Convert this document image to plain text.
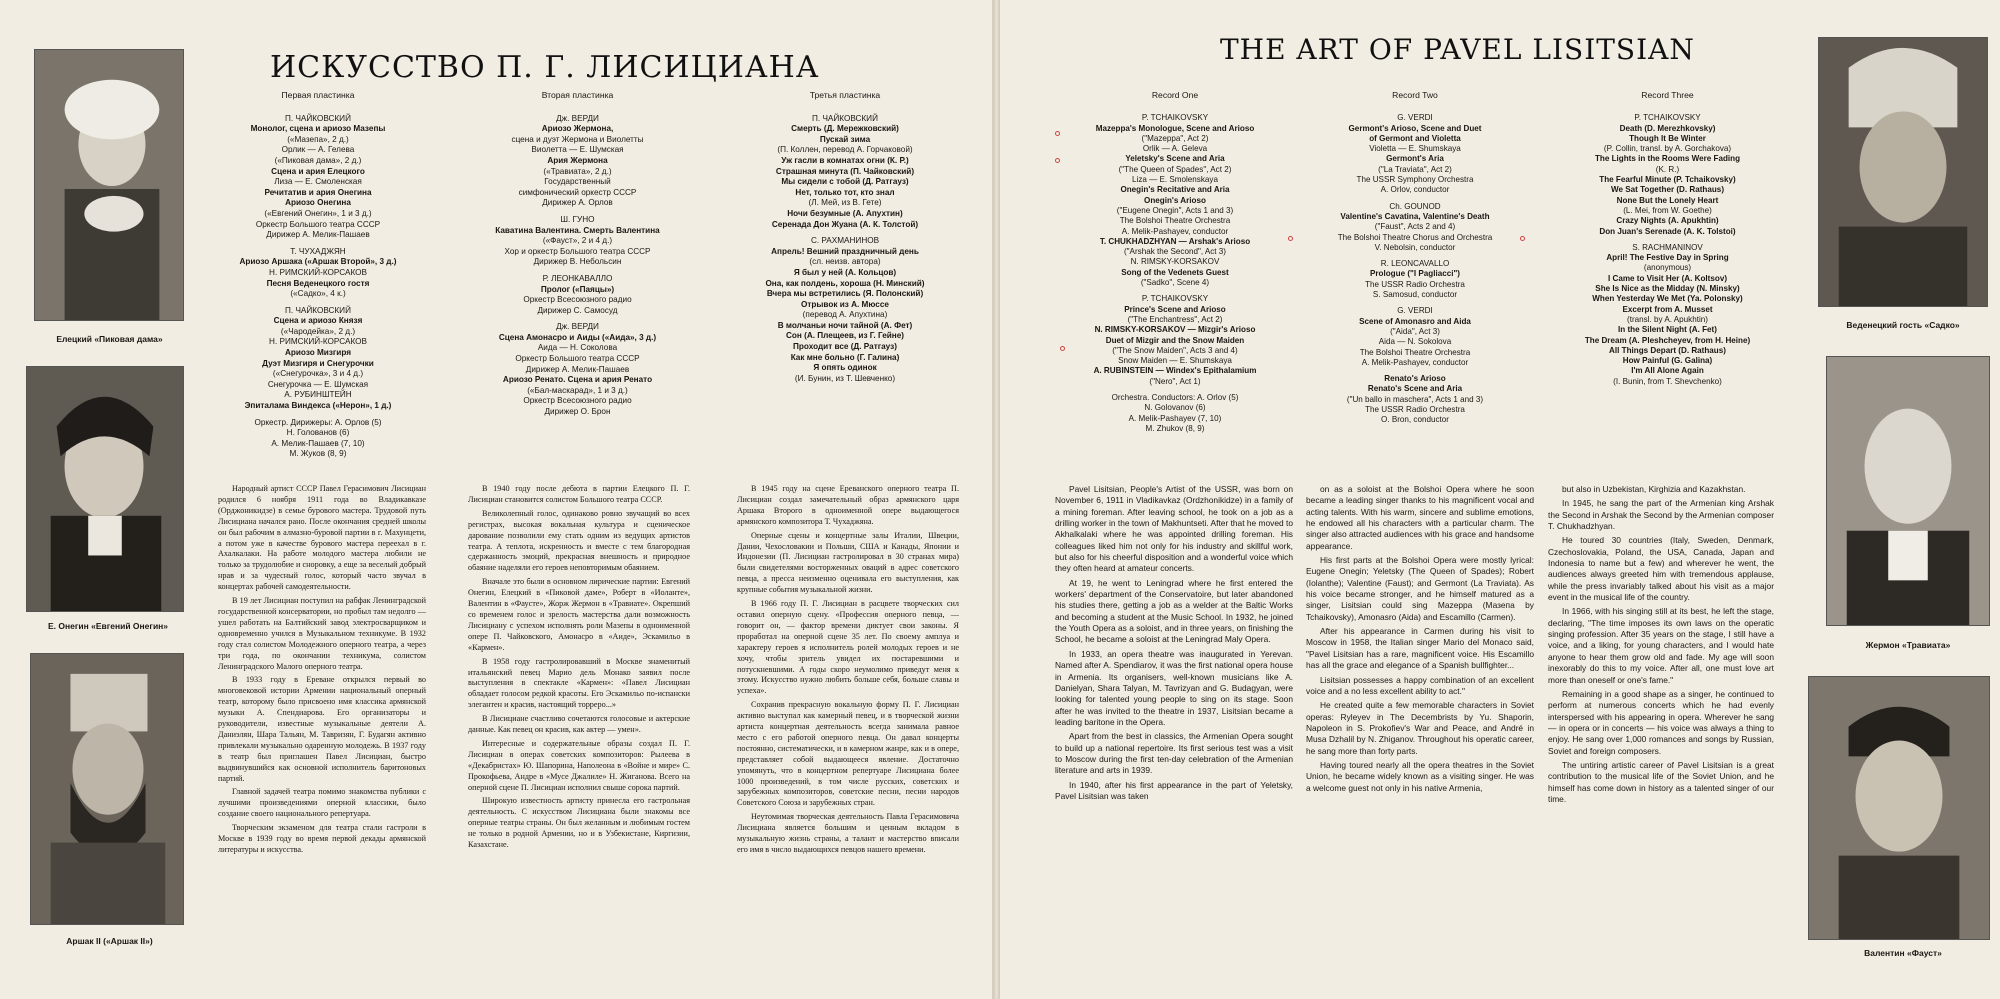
Елецкий «Пиковая дама»
Е. Онегин «Евгений Онегин»
Аршак II («Аршак II»)
ИСКУССТВО П. Г. ЛИСИЦИАНА
Первая пластинка
П. ЧАЙКОВСКИЙ
Монолог, сцена и ариозо Мазепы
(«Мазепа», 2 д.)
Орлик — А. Гелева
(«Пиковая дама», 2 д.)
Сцена и ария Елецкого
Лиза — Е. Смоленская
Речитатив и ария Онегина
Ариозо Онегина
(«Евгений Онегин», 1 и 3 д.)
Оркестр Большого театра СССР
Дирижер А. Мелик-Пашаев
Т. ЧУХАДЖЯН
Ариозо Аршака («Аршак Второй», 3 д.)
Н. РИМСКИЙ-КОРСАКОВ
Песня Веденецкого гостя
(«Садко», 4 к.)
П. ЧАЙКОВСКИЙ
Сцена и ариозо Князя
(«Чародейка», 2 д.)
Н. РИМСКИЙ-КОРСАКОВ
Ариозо Мизгиря
Дуэт Мизгиря и Снегурочки
(«Снегурочка», 3 и 4 д.)
Снегурочка — Е. Шумская
А. РУБИНШТЕЙН
Эпиталама Виндекса («Нерон», 1 д.)
Оркестр. Дирижеры: А. Орлов (5)
Н. Голованов (6)
А. Мелик-Пашаев (7, 10)
М. Жуков (8, 9)
Вторая пластинка
Дж. ВЕРДИ
Ариозо Жермона,
сцена и дуэт Жермона и Виолетты
Виолетта — Е. Шумская
Ария Жермона
(«Травиата», 2 д.)
Государственный
симфонический оркестр СССР
Дирижер А. Орлов
Ш. ГУНО
Каватина Валентина. Смерть Валентина
(«Фауст», 2 и 4 д.)
Хор и оркестр Большого театра СССР
Дирижер В. Небольсин
Р. ЛЕОНКАВАЛЛО
Пролог («Паяцы»)
Оркестр Всесоюзного радио
Дирижер С. Самосуд
Дж. ВЕРДИ
Сцена Амонасро и Аиды («Аида», 3 д.)
Аида — Н. Соколова
Оркестр Большого театра СССР
Дирижер А. Мелик-Пашаев
Ариозо Ренато. Сцена и ария Ренато
(«Бал-маскарад», 1 и 3 д.)
Оркестр Всесоюзного радио
Дирижер О. Брон
Третья пластинка
П. ЧАЙКОВСКИЙ
Смерть (Д. Мережковский)
Пускай зима
(П. Коллен, перевод А. Горчаковой)
Уж гасли в комнатах огни (К. Р.)
Страшная минута (П. Чайковский)
Мы сидели с тобой (Д. Ратгауз)
Нет, только тот, кто знал
(Л. Мей, из В. Гете)
Ночи безумные (А. Апухтин)
Серенада Дон Жуана (А. К. Толстой)
С. РАХМАНИНОВ
Апрель! Вешний праздничный день
(сл. неизв. автора)
Я был у ней (А. Кольцов)
Она, как полдень, хороша (Н. Минский)
Вчера мы встретились (Я. Полонский)
Отрывок из А. Мюссе
(перевод А. Апухтина)
В молчаньи ночи тайной (А. Фет)
Сон (А. Плещеев, из Г. Гейне)
Проходит все (Д. Ратгауз)
Как мне больно (Г. Галина)
Я опять одинок
(И. Бунин, из Т. Шевченко)

Народный артист СССР Павел Герасимович Лисициан родился 6 ноября 1911 года во Владикавказе (Орджоникидзе) в семье бурового мастера. Трудовой путь Лисициана начался рано. После окончания средней школы он был рабочим в алмазно-буровой партии в г. Махунцети, а потом уже в качестве бурового мастера переехал в г. Ахалкалаки. На работе молодого мастера любили не только за трудолюбие и сноровку, а еще за веселый добрый нрав и за чудесный голос, который часто звучал в концертах рабочей самодеятельности.

В 19 лет Лисициан поступил на рабфак Ленинградской государственной консерватории, но пробыл там недолго — ушел работать на Балтийский завод электросварщиком и одновременно учился в Музыкальном техникуме. В 1932 году стал солистом Молодежного оперного театра, а через три года, по окончании техникума, солистом Ленинградского Малого оперного театра.

В 1933 году в Ереване открылся первый во многовековой истории Армении национальный оперный театр, которому было присвоено имя классика армянской музыки А. Спендиарова. Его организаторы и руководители, известные музыкальные деятели А. Даниэлян, Шара Тальян, М. Тавризян, Г. Будагян активно привлекали музыкально одаренную молодежь. В 1937 году в театр был приглашен Павел Лисициан, быстро выдвинувшийся как основной исполнитель баритоновых партий.

Главной задачей театра помимо знакомства публики с лучшими произведениями оперной классики, было создание своего национального репертуара.

Творческим экзаменом для театра стали гастроли в Москве в 1939 году во время первой декады армянской литературы и искусства.

В 1940 году после дебюта в партии Елецкого П. Г. Лисициан становится солистом Большого театра СССР.

Великолепный голос, одинаково ровно звучащий во всех регистрах, высокая вокальная культура и сценическое дарование позволили ему стать одним из ведущих артистов театра. А теплота, искренность и вместе с тем благородная сдержанность эмоций, прекрасная внешность и природное обаяние наделяли его героев неповторимым обаянием.

Вначале это были в основном лирические партии: Евгений Онегин, Елецкий в «Пиковой даме», Роберт в «Иоланте», Валентин в «Фаусте», Жорж Жермон в «Травиате». Окрепший со временем голос и зрелость мастерства дали возможность Лисициану с успехом исполнять роли Мазепы в одноименной опере П. Чайковского, Амонасро в «Аиде», Эскамильо в «Кармен».

В 1958 году гастролировавший в Москве знаменитый итальянский певец Марио дель Монако заявил после выступления в спектакле «Кармен»: «Павел Лисициан обладает голосом редкой красоты. Его Эскамильо по-испански элегантен и красив, настоящий торреро...»

В Лисициане счастливо сочетаются голосовые и актерские данные. Как певец он красив, как актер — умен».

Интересные и содержательные образы создал П. Г. Лисициан в операх советских композиторов: Рылеева в «Декабристах» Ю. Шапорина, Наполеона в «Войне и мире» С. Прокофьева, Андре в «Мусе Джалиле» Н. Жиганова. Всего на оперной сцене П. Лисициан исполнил свыше сорока партий.

Широкую известность артисту принесла его гастрольная деятельность. С искусством Лисициана были знакомы все оперные театры страны. Он был желанным и любимым гостем не только в родной Армении, но и в Узбекистане, Киргизии, Казахстане.

В 1945 году на сцене Ереванского оперного театра П. Лисициан создал замечательный образ армянского царя Аршака Второго в одноименной опере выдающегося армянского композитора Т. Чухаджяна.

Оперные сцены и концертные залы Италии, Швеции, Дании, Чехословакии и Польши, США и Канады, Японии и Индонезии (П. Лисициан гастролировал в 30 странах мира) были свидетелями восторженных оваций в адрес советского певца, а пресса неизменно оценивала его выступления, как крупные события музыкальной жизни.

В 1966 году П. Г. Лисициан в расцвете творческих сил оставил оперную сцену. «Профессия оперного певца, — говорит он, — фактор времени диктует свои законы. Я проработал на оперной сцене 35 лет. По своему амплуа и характеру героев я исполнитель ролей молодых героев и не хочу, чтобы зритель увидел их постаревшими и потускневшими. А годы скоро неумолимо приведут меня к этому. Искусство нужно любить больше себя, больше славы и успеха».

Сохранив прекрасную вокальную форму П. Г. Лисициан активно выступал как камерный певец, и в творческой жизни артиста концертная деятельность всегда занимала равное место с его работой оперного певца. Он давал концерты постоянно, систематически, и в камерном жанре, как и в опере, представляет собой выдающееся явление. Достаточно упомянуть, что в концертном репертуаре Лисициана более 1000 произведений, в том числе русских, советских и зарубежных композиторов, советские песни, песни народов Советского Союза и зарубежных стран.

Неутомимая творческая деятельность Павла Герасимовича Лисициана является большим и ценным вкладом в музыкальную жизнь страны, а талант и мастерство вписали его имя в число выдающихся певцов нашего времени.

THE ART OF PAVEL LISITSIAN
Record One
P. TCHAIKOVSKY
Mazeppa's Monologue, Scene and Arioso
("Mazeppa", Act 2)
Orlik — A. Geleva
Yeletsky's Scene and Aria
("The Queen of Spades", Act 2)
Liza — E. Smolenskaya
Onegin's Recitative and Aria
Onegin's Arioso
("Eugene Onegin", Acts 1 and 3)
The Bolshoi Theatre Orchestra
A. Melik-Pashayev, conductor
T. CHUKHADZHYAN — Arshak's Arioso
("Arshak the Second", Act 3)
N. RIMSKY-KORSAKOV
Song of the Vedenets Guest
("Sadko", Scene 4)
P. TCHAIKOVSKY
Prince's Scene and Arioso
("The Enchantress", Act 2)
N. RIMSKY-KORSAKOV — Mizgir's Arioso
Duet of Mizgir and the Snow Maiden
("The Snow Maiden", Acts 3 and 4)
Snow Maiden — E. Shumskaya
A. RUBINSTEIN — Windex's Epithalamium
("Nero", Act 1)
Orchestra. Conductors: A. Orlov (5)
N. Golovanov (6)
A. Melik-Pashayev (7, 10)
M. Zhukov (8, 9)
Record Two
G. VERDI
Germont's Arioso, Scene and Duet
of Germont and Violetta
Violetta — E. Shumskaya
Germont's Aria
("La Traviata", Act 2)
The USSR Symphony Orchestra
A. Orlov, conductor
Ch. GOUNOD
Valentine's Cavatina, Valentine's Death
("Faust", Acts 2 and 4)
The Bolshoi Theatre Chorus and Orchestra
V. Nebolsin, conductor
R. LEONCAVALLO
Prologue ("I Pagliacci")
The USSR Radio Orchestra
S. Samosud, conductor
G. VERDI
Scene of Amonasro and Aida
("Aida", Act 3)
Aida — N. Sokolova
The Bolshoi Theatre Orchestra
A. Melik-Pashayev, conductor
Renato's Arioso
Renato's Scene and Aria
("Un ballo in maschera", Acts 1 and 3)
The USSR Radio Orchestra
O. Bron, conductor
Record Three
P. TCHAIKOVSKY
Death (D. Merezhkovsky)
Though It Be Winter
(P. Collin, transl. by A. Gorchakova)
The Lights in the Rooms Were Fading
(K. R.)
The Fearful Minute (P. Tchaikovsky)
We Sat Together (D. Rathaus)
None But the Lonely Heart
(L. Mei, from W. Goethe)
Crazy Nights (A. Apukhtin)
Don Juan's Serenade (A. K. Tolstoi)
S. RACHMANINOV
April! The Festive Day in Spring
(anonymous)
I Came to Visit Her (A. Koltsov)
She Is Nice as the Midday (N. Minsky)
When Yesterday We Met (Ya. Polonsky)
Excerpt from A. Musset
(transl. by A. Apukhtin)
In the Silent Night (A. Fet)
The Dream (A. Pleshcheyev, from H. Heine)
All Things Depart (D. Rathaus)
How Painful (G. Galina)
I'm All Alone Again
(I. Bunin, from T. Shevchenko)

Pavel Lisitsian, People's Artist of the USSR, was born on November 6, 1911 in Vladikavkaz (Ordzhonikidze) in a family of a mining foreman. After leaving school, he took on a job as a drilling worker in the town of Makhuntseti. After that he moved to Akhalkalaki where he was appointed drilling foreman. His colleagues liked him not only for his industry and skillful work, but also for his cheerful disposition and a wonderful voice which they often heard at amateur concerts.

At 19, he went to Leningrad where he first entered the workers' department of the Conservatoire, but later abandoned his studies there, getting a job as a welder at the Baltic Works and becoming a student at the Music School. In 1932, he joined the Youth Opera as a soloist, and in three years, on finishing the School, he became a soloist at the Leningrad Maly Opera.

In 1933, an opera theatre was inaugurated in Yerevan. Named after A. Spendiarov, it was the first national opera house in Armenia. Its organisers, well-known musicians like A. Danielyan, Shara Talyan, M. Tavrizyan and G. Budagyan, were looking for talented young people to sing on its stage. Soon after he was invited to the theatre in 1937, Lisitsian became a leading baritone in the Opera.

Apart from the best in classics, the Armenian Opera sought to build up a national repertoire. Its first serious test was a visit to Moscow during the first ten-day celebration of the Armenian literature and arts in 1939.

In 1940, after his first appearance in the part of Yeletsky, Pavel Lisitsian was taken

on as a soloist at the Bolshoi Opera where he soon became a leading singer thanks to his magnificent vocal and acting talents. With his warm, sincere and sublime emotions, he endowed all his characters with a particular charm. The singer also attracted audiences with his grace and handsome appearance.

His first parts at the Bolshoi Opera were mostly lyrical: Eugene Onegin; Yeletsky (The Queen of Spades); Robert (Iolanthe); Valentine (Faust); and Germont (La Traviata). As his voice became stronger, and he himself matured as a singer, Lisitsian could sing Mazeppa (Мазепа by Tchaikovsky), Amonasro (Aida) and Escamillo (Carmen).

After his appearance in Carmen during his visit to Moscow in 1958, the Italian singer Mario del Monaco said, "Pavel Lisitsian has a rare, magnificent voice. His Escamillo has all the grace and elegance of a Spanish bullfighter...

Lisitsian possesses a happy combination of an excellent voice and a no less excellent ability to act."

He created quite a few memorable characters in Soviet operas: Ryleyev in The Decembrists by Yu. Shaporin, Napoleon in S. Prokofiev's War and Peace, and André in Musa Dzhalil by N. Zhiganov. Throughout his operatic career, he sang more than forty parts.

Having toured nearly all the opera theatres in the Soviet Union, he became widely known as a visiting singer. He was a welcome guest not only in his native Armenia,

but also in Uzbekistan, Kirghizia and Kazakhstan.

In 1945, he sang the part of the Armenian king Arshak the Second in Arshak the Second by the Armenian composer T. Chukhadzhyan.

He toured 30 countries (Italy, Sweden, Denmark, Czechoslovakia, Poland, the USA, Canada, Japan and Indonesia to name but a few) and wherever he went, the audiences always greeted him with tremendous applause, while the press invariably talked about his visit as a major event in the musical life of the country.

In 1966, with his singing still at its best, he left the stage, declaring, "The time imposes its own laws on the operatic singing profession. After 35 years on the stage, I still have a voice, and a liking, for young characters, and I would hate anyone to hear them grow old and fade. My age will soon inexorably do this to my voice. After all, one must love art more than oneself or one's fame."

Remaining in a good shape as a singer, he continued to perform at numerous concerts which he had evenly interspersed with his appearing in opera. Wherever he sang — in opera or in concerts — his voice was always a thing to enjoy. He sang over 1,000 romances and songs by Russian, Soviet and foreign composers.

The untiring artistic career of Pavel Lisitsian is a great contribution to the musical life of the Soviet Union, and he himself has come down in history as a talented singer of our time.

Веденецкий гость «Садко»
Жермон «Травиата»
Валентин «Фауст»
